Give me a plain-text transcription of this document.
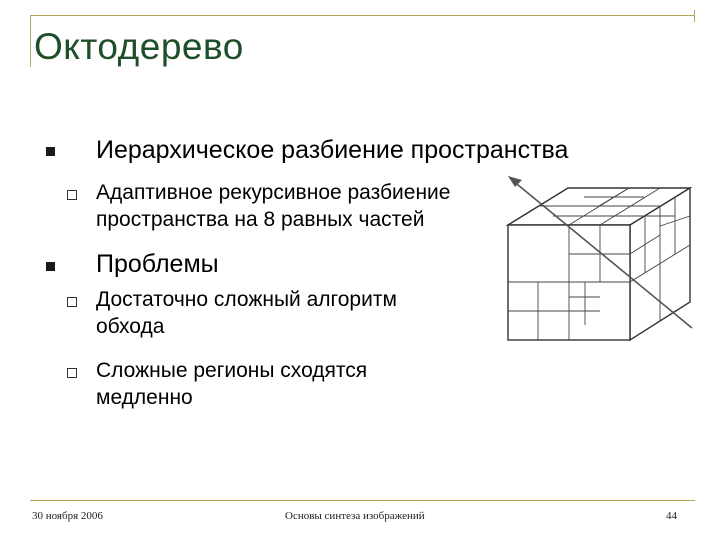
Октодерево
Иерархическое разбиение пространства
Адаптивное рекурсивное разбиение
пространства на 8 равных частей
Проблемы
Достаточно сложный алгоритм
обхода
Сложные регионы сходятся
медленно
30 ноября 2006	Основы синтеза изображений	44
